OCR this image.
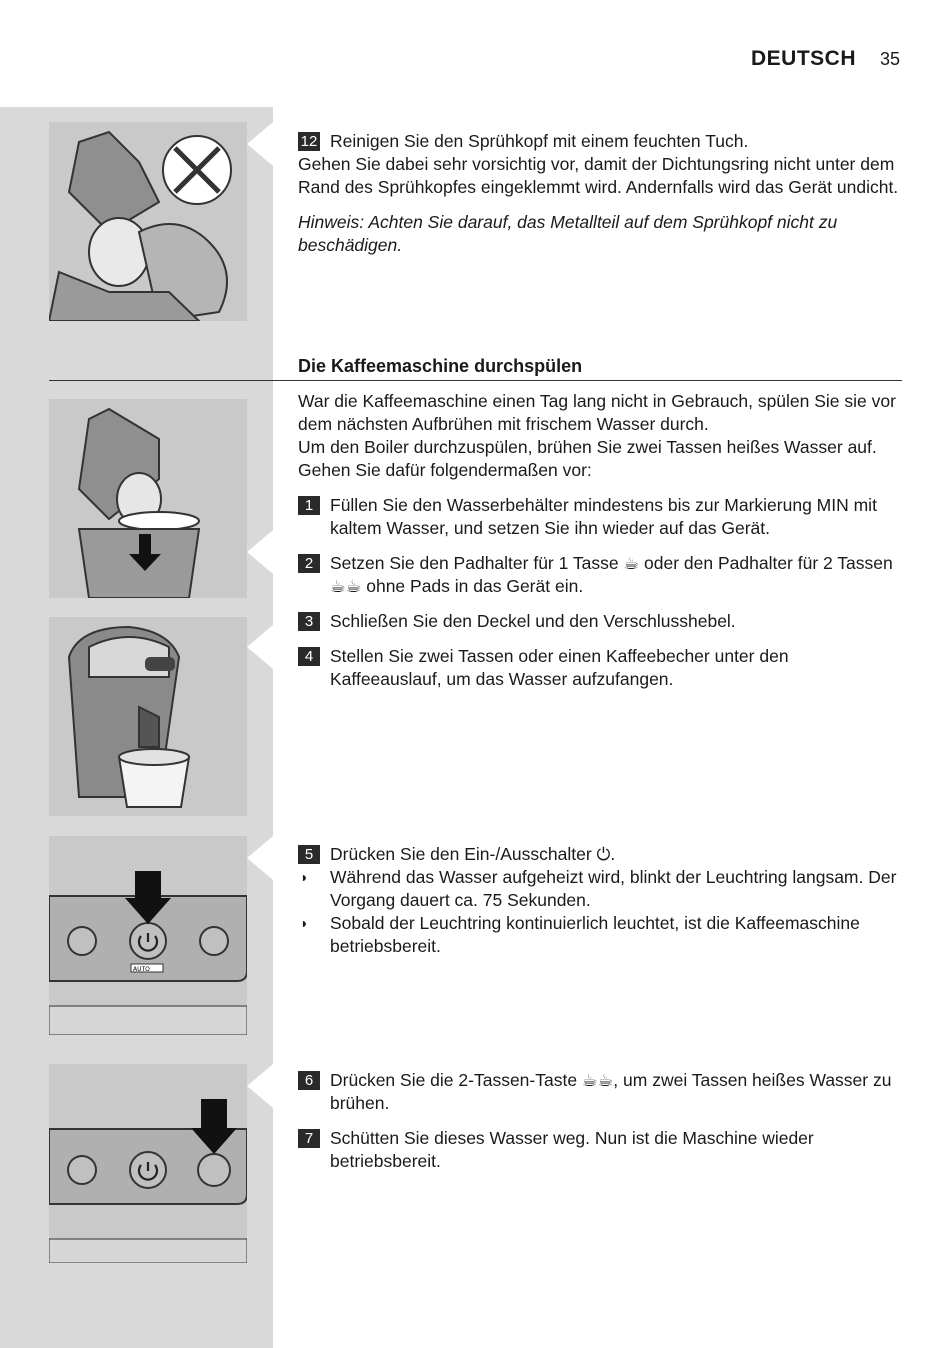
DEUTSCH 35
AUTO
12 Reinigen Sie den Sprühkopf mit einem feuchten Tuch.

Gehen Sie dabei sehr vorsichtig vor, damit der Dichtungsring nicht unter dem Rand des Sprühkopfes eingeklemmt wird. Andernfalls wird das Gerät undicht.

Hinweis: Achten Sie darauf, das Metallteil auf dem Sprühkopf nicht zu beschädigen.

Die Kaffeemaschine durchspülen

War die Kaffeemaschine einen Tag lang nicht in Gebrauch, spülen Sie sie vor dem nächsten Aufbrühen mit frischem Wasser durch.

Um den Boiler durchzuspülen, brühen Sie zwei Tassen heißes Wasser auf. Gehen Sie dafür folgendermaßen vor:

1 Füllen Sie den Wasserbehälter mindestens bis zur Markierung MIN mit kaltem Wasser, und setzen Sie ihn wieder auf das Gerät.
2 Setzen Sie den Padhalter für 1 Tasse ☕ oder den Padhalter für 2 Tassen ☕☕ ohne Pads in das Gerät ein.
3 Schließen Sie den Deckel und den Verschlusshebel.
4 Stellen Sie zwei Tassen oder einen Kaffeebecher unter den Kaffeeauslauf, um das Wasser aufzufangen.
5 Drücken Sie den Ein-/Ausschalter ⏻.
◗ Während das Wasser aufgeheizt wird, blinkt der Leuchtring langsam. Der Vorgang dauert ca. 75 Sekunden.
◗ Sobald der Leuchtring kontinuierlich leuchtet, ist die Kaffeemaschine betriebsbereit.
6 Drücken Sie die 2-Tassen-Taste ☕☕, um zwei Tassen heißes Wasser zu brühen.
7 Schütten Sie dieses Wasser weg. Nun ist die Maschine wieder betriebsbereit.
